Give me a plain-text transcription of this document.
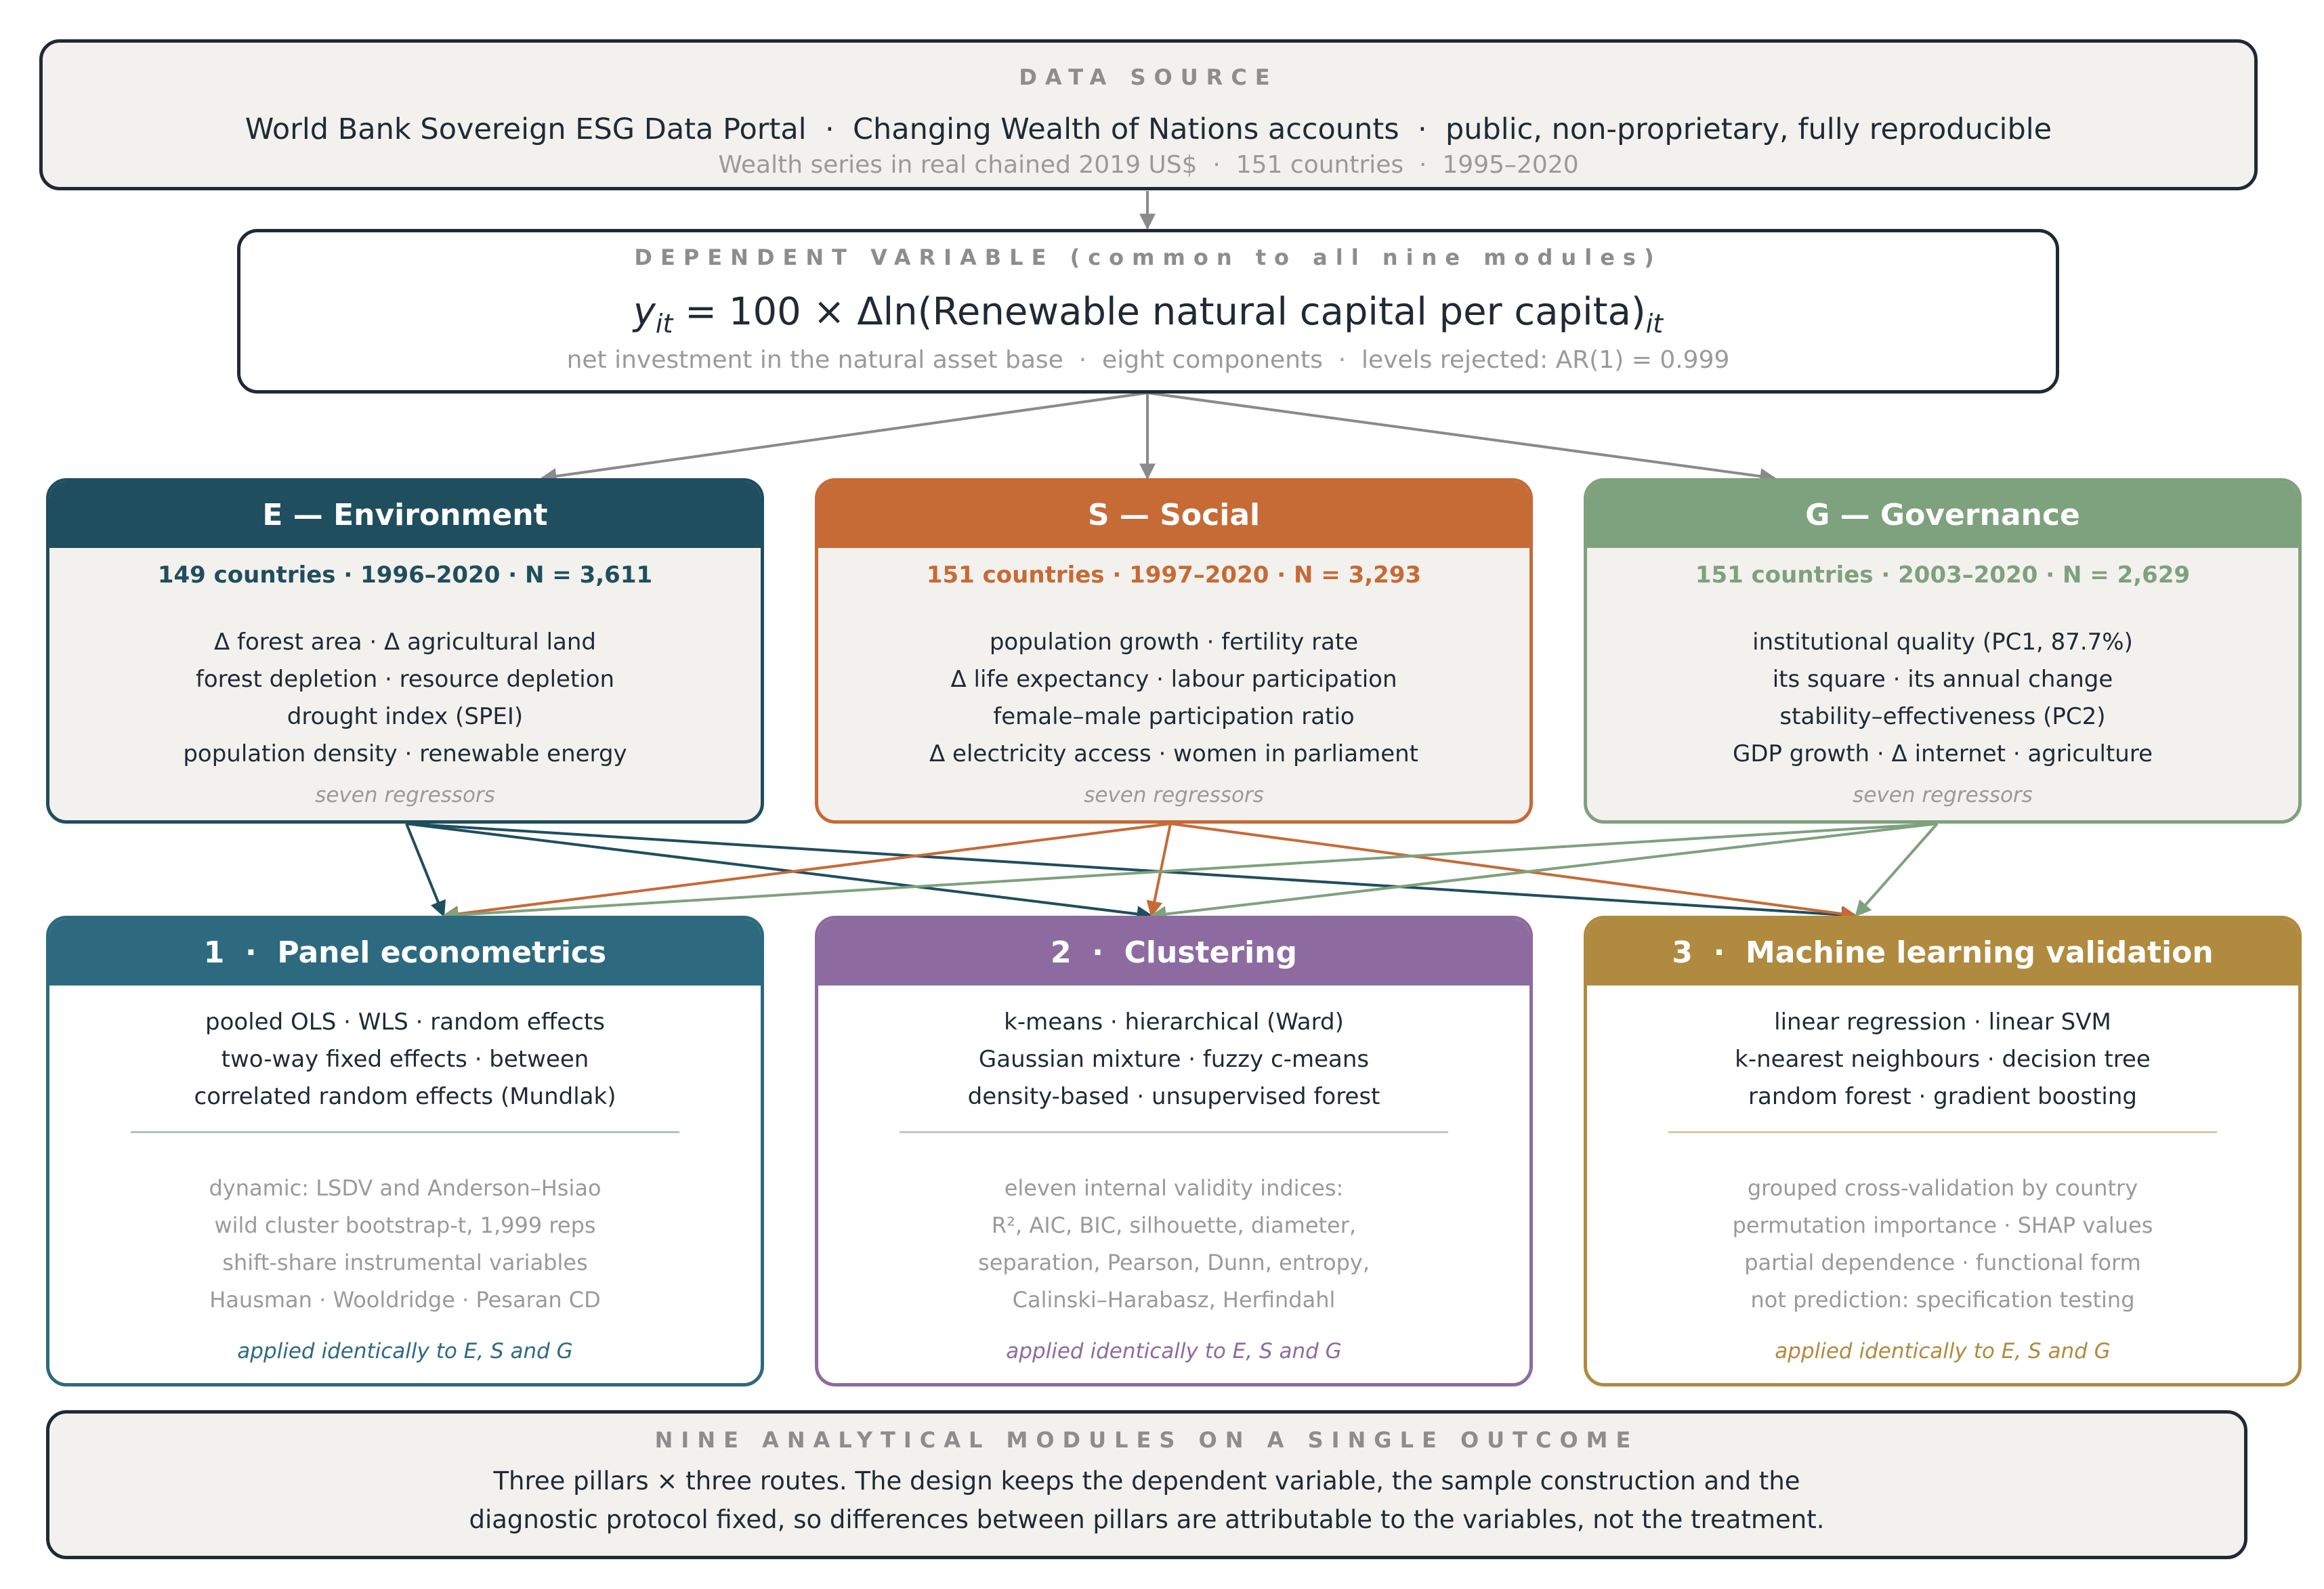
DATA SOURCE
World Bank Sovereign ESG Data Portal  ·  Changing Wealth of Nations accounts  ·  public, non-proprietary, fully reproducible
Wealth series in real chained 2019 US$  ·  151 countries  ·  1995–2020
DEPENDENT VARIABLE (common to all nine modules)
$y_{it} = 100$ × Δln(Renewable natural capital per $capita)_{it}$
net investment in the natural asset base  ·  eight components  ·  levels rejected: AR(1) = 0.999
E — Environment
149 countries · 1996–2020 · N = 3,611
Δ forest area · Δ agricultural land
forest depletion · resource depletion
drought index (SPEI)
population density · renewable energy
seven regressors
S — Social
151 countries · 1997–2020 · N = 3,293
population growth · fertility rate
Δ life expectancy · labour participation
female–male participation ratio
Δ electricity access · women in parliament
seven regressors
G — Governance
151 countries · 2003–2020 · N = 2,629
institutional quality (PC1, 87.7%)
its square · its annual change
stability–effectiveness (PC2)
GDP growth · Δ internet · agriculture
seven regressors
1  ·  Panel econometrics
pooled OLS · WLS · random effects
two-way fixed effects · between
correlated random effects (Mundlak)
dynamic: LSDV and Anderson–Hsiao
wild cluster bootstrap-t, 1,999 reps
shift-share instrumental variables
Hausman · Wooldridge · Pesaran CD
applied identically to E, S and G
2  ·  Clustering
k-means · hierarchical (Ward)
Gaussian mixture · fuzzy c-means
density-based · unsupervised forest
eleven internal validity indices:
R², AIC, BIC, silhouette, diameter,
separation, Pearson, Dunn, entropy,
Calinski–Harabasz, Herfindahl
applied identically to E, S and G
3  ·  Machine learning validation
linear regression · linear SVM
k-nearest neighbours · decision tree
random forest · gradient boosting
grouped cross-validation by country
permutation importance · SHAP values
partial dependence · functional form
not prediction: specification testing
applied identically to E, S and G
NINE ANALYTICAL MODULES ON A SINGLE OUTCOME
Three pillars × three routes. The design keeps the dependent variable, the sample construction and the
diagnostic protocol fixed, so differences between pillars are attributable to the variables, not the treatment.
